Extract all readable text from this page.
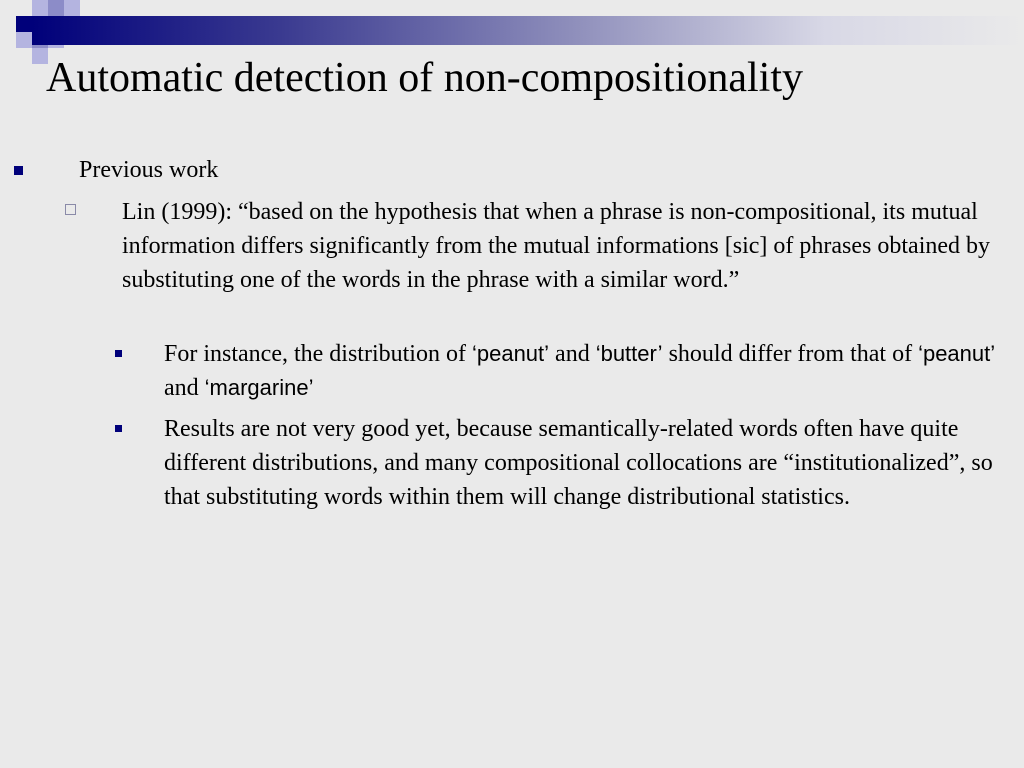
Automatic detection of non-compositionality
Previous work
Lin (1999): “based on the hypothesis that when a phrase is non-compositional, its mutual information differs significantly from the mutual informations [sic] of phrases obtained by substituting one of the words in the phrase with a similar word.”
For instance, the distribution of ‘peanut’ and ‘butter’ should differ from that of ‘peanut’ and ‘margarine’
Results are not very good yet, because semantically-related words often have quite different distributions, and many compositional collocations are “institutionalized”, so that substituting words within them will change distributional statistics.
